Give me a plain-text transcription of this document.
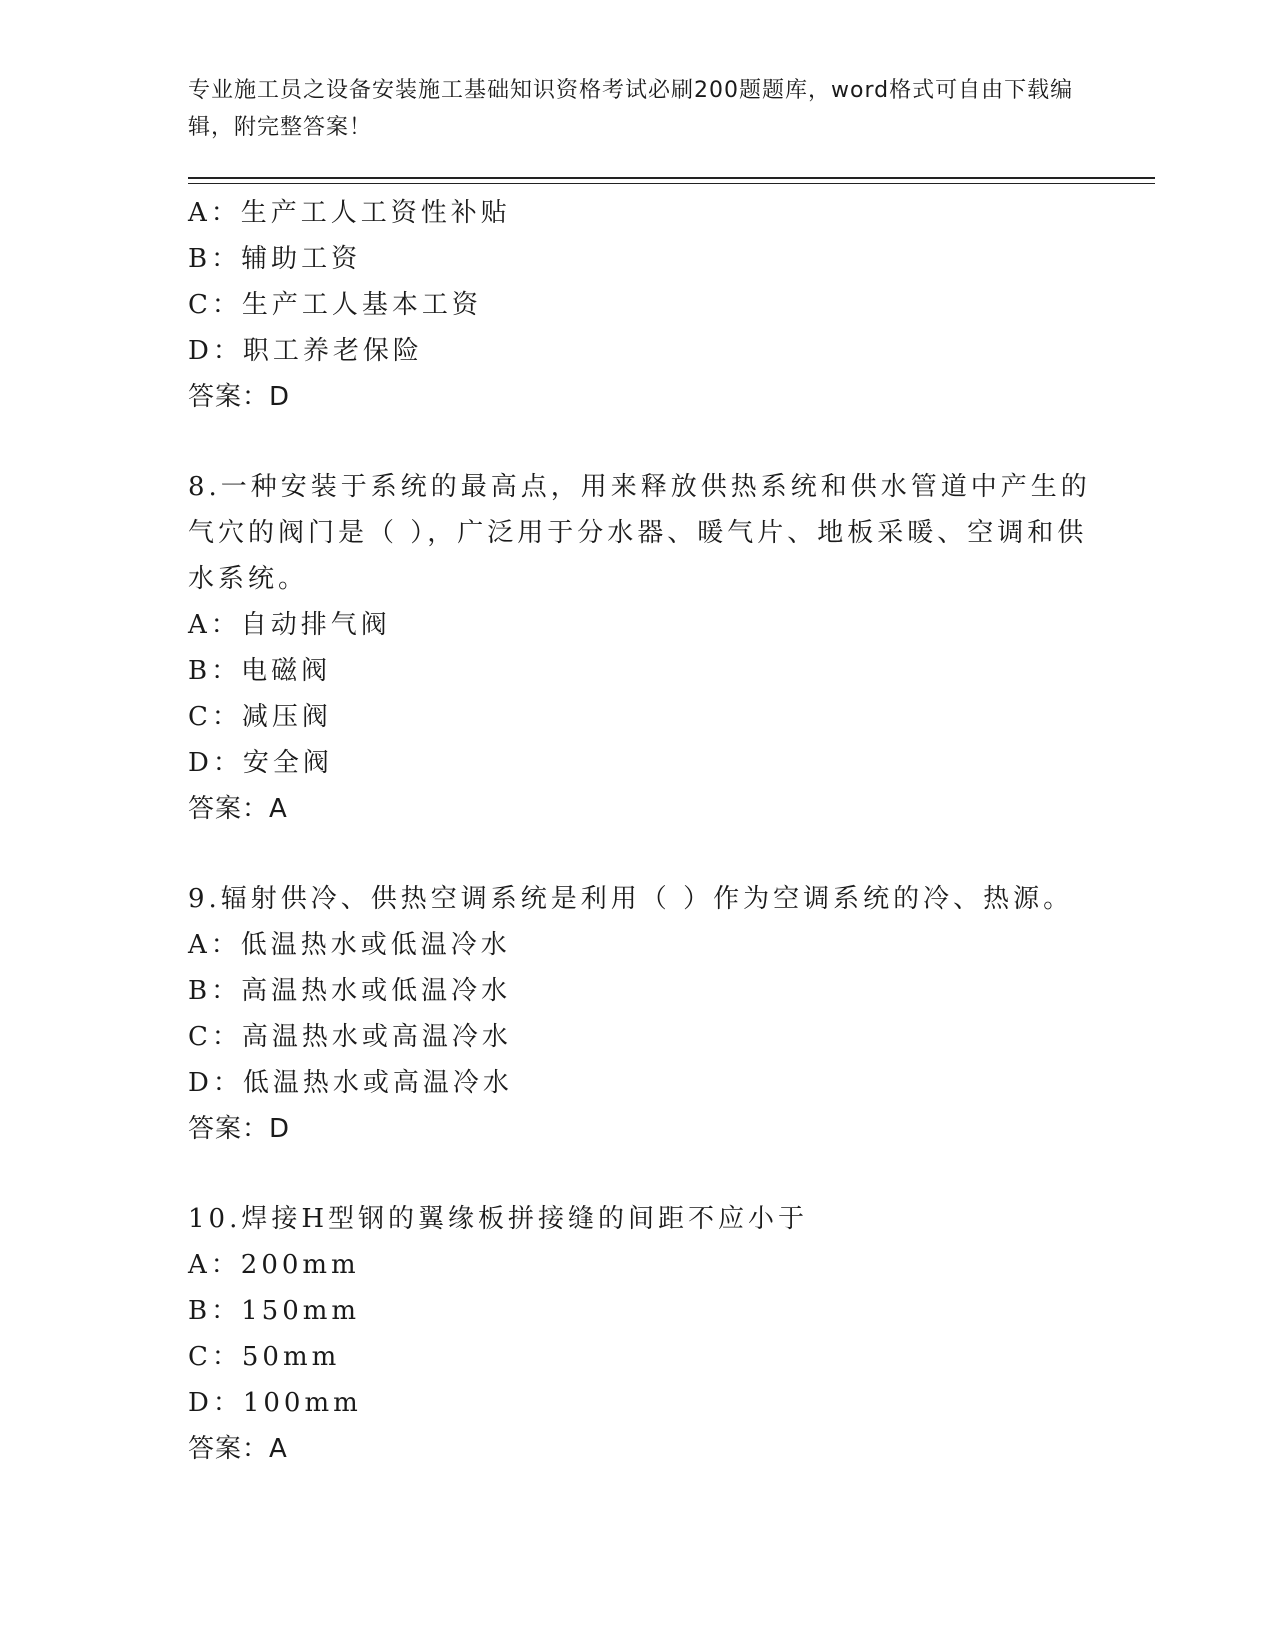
专业施工员之设备安装施工基础知识资格考试必刷200题题库，word格式可自由下载编辑，附完整答案！
A：生产工人工资性补贴
B：辅助工资
C：生产工人基本工资
D：职工养老保险
答案：D
8.一种安装于系统的最高点，用来释放供热系统和供水管道中产生的
气穴的阀门是（ ），广泛用于分水器、暖气片、地板采暖、空调和供
水系统。
A：自动排气阀
B：电磁阀
C：减压阀
D：安全阀
答案：A
9.辐射供冷、供热空调系统是利用（ ）作为空调系统的冷、热源。
A：低温热水或低温冷水
B：高温热水或低温冷水
C：高温热水或高温冷水
D：低温热水或高温冷水
答案：D
10.焊接H型钢的翼缘板拼接缝的间距不应小于
A：200mm
B：150mm
C：50mm
D：100mm
答案：A
